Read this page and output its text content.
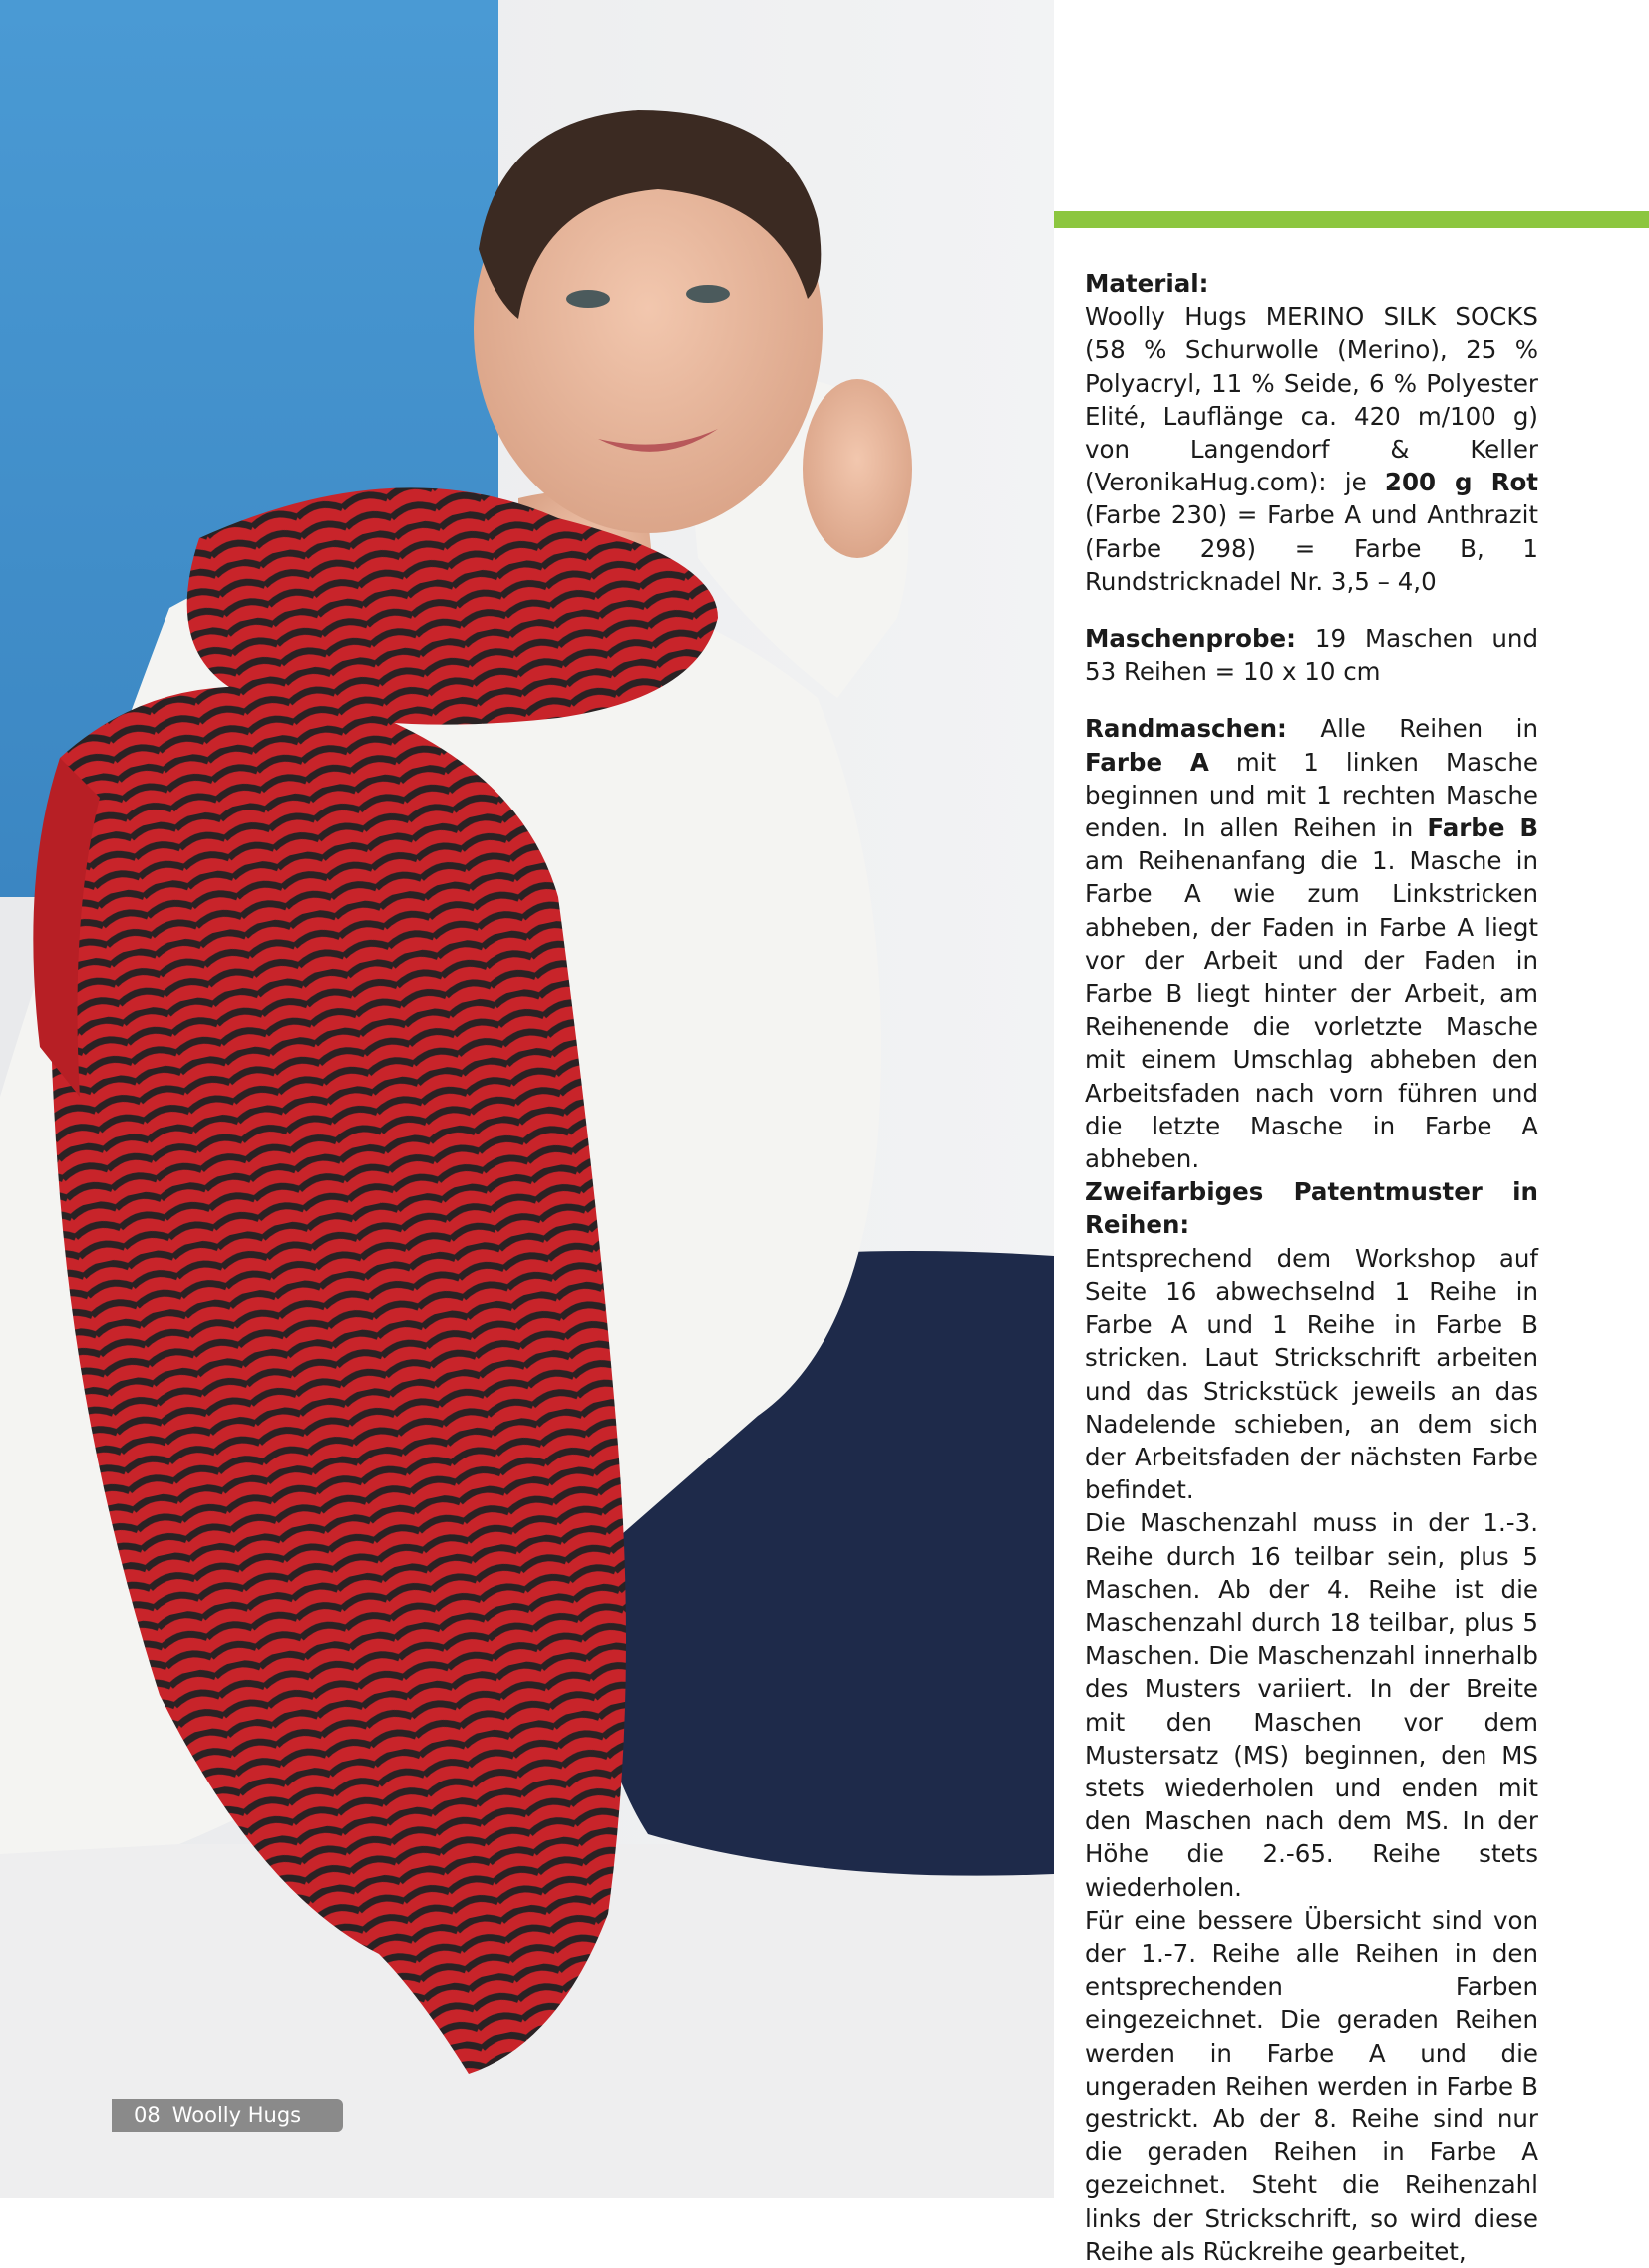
Material:
Woolly Hugs MERINO SILK SOCKS (58 % Schurwolle (Merino), 25 % Polyacryl, 11 % Seide, 6 % Polyester Elité, Lauflänge ca. 420 m/100 g) von Langendorf & Keller (VeronikaHug.com): je 200 g Rot (Farbe 230) = Farbe A und Anthrazit (Farbe 298) = Farbe B, 1 Rundstricknadel Nr. 3,5 – 4,0

Maschenprobe: 19 Maschen und 53 Reihen = 10 x 10 cm

Randmaschen: Alle Reihen in Farbe A mit 1 linken Masche beginnen und mit 1 rechten Masche enden. In allen Reihen in Farbe B am Reihenanfang die 1. Masche in Farbe A wie zum Linkstricken abheben, der Faden in Farbe A liegt vor der Arbeit und der Faden in Farbe B liegt hinter der Arbeit, am Reihenende die vorletzte Masche mit einem Umschlag abheben den Arbeitsfaden nach vorn führen und die letzte Masche in Farbe A abheben.

Zweifarbiges Patentmuster in Reihen:

Entsprechend dem Workshop auf Seite 16 abwechselnd 1 Reihe in Farbe A und 1 Reihe in Farbe B stricken. Laut Strickschrift arbeiten und das Strickstück jeweils an das Nadelende schieben, an dem sich der Arbeitsfaden der nächsten Farbe befindet.

Die Maschenzahl muss in der 1.-3. Reihe durch 16 teilbar sein, plus 5 Maschen. Ab der 4. Reihe ist die Maschenzahl durch 18 teilbar, plus 5 Maschen. Die Maschenzahl innerhalb des Musters variiert. In der Breite mit den Maschen vor dem Mustersatz (MS) beginnen, den MS stets wiederholen und enden mit den Maschen nach dem MS. In der Höhe die 2.-65. Reihe stets wiederholen.

Für eine bessere Übersicht sind von der 1.-7. Reihe alle Reihen in den entsprechenden Farben eingezeichnet. Die geraden Reihen werden in Farbe A und die ungeraden Reihen werden in Farbe B gestrickt. Ab der 8. Reihe sind nur die geraden Reihen in Farbe A gezeichnet. Steht die Reihenzahl links der Strickschrift, so wird diese Reihe als Rückreihe gearbeitet,

08 Woolly Hugs
